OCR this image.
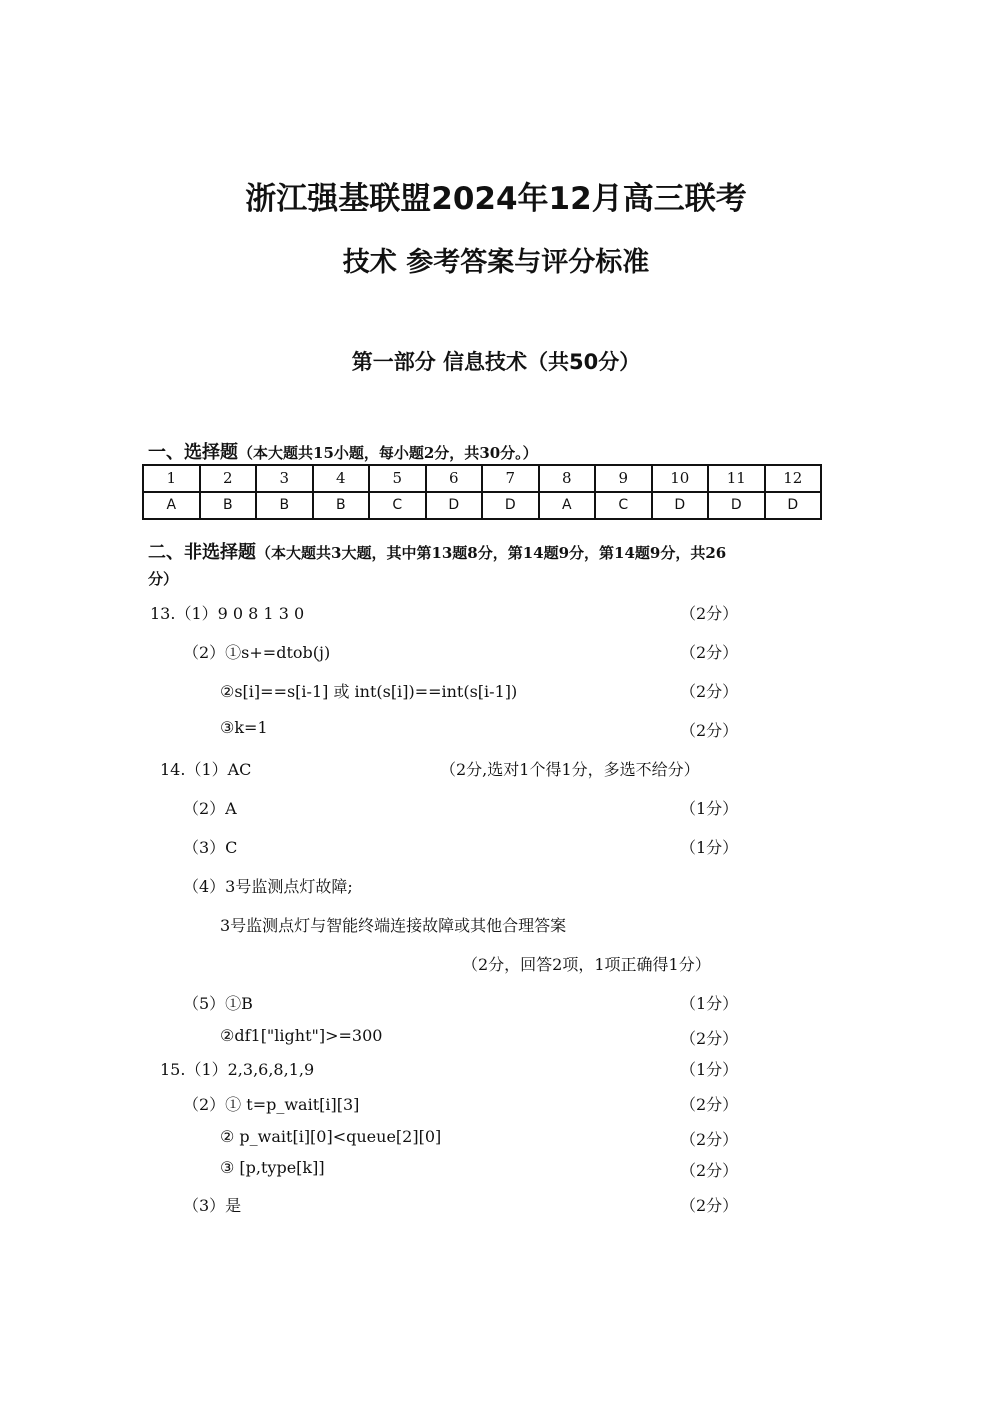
浙江强基联盟2024年12月高三联考
技术 参考答案与评分标准
第一部分 信息技术（共50分）
一、选择题（本大题共15小题，每小题2分，共30分。）
1	2	3	4	5	6	7	8	9	10	11	12
A	B	B	B	C	D	D	A	C	D	D	D
二、非选择题（本大题共3大题，其中第13题8分，第14题9分，第14题9分，共26
分）
13.（1）9 0 8 1 3 0	（2分）
（2）①s+=dtob(j)	（2分）
②s[i]==s[i-1] 或 int(s[i])==int(s[i-1])	（2分）
③k=1	（2分）
14.（1）AC	（2分,选对1个得1分，多选不给分）
（2）A	（1分）
（3）C	（1分）
（4）3号监测点灯故障;
3号监测点灯与智能终端连接故障或其他合理答案
（2分，回答2项，1项正确得1分）
（5）①B	（1分）
②df1["light"]>=300	（2分）
15.（1）2,3,6,8,1,9	（1分）
（2）① t=p_wait[i][3]	（2分）
② p_wait[i][0]<queue[2][0]	（2分）
③ [p,type[k]]	（2分）
（3）是	（2分）
